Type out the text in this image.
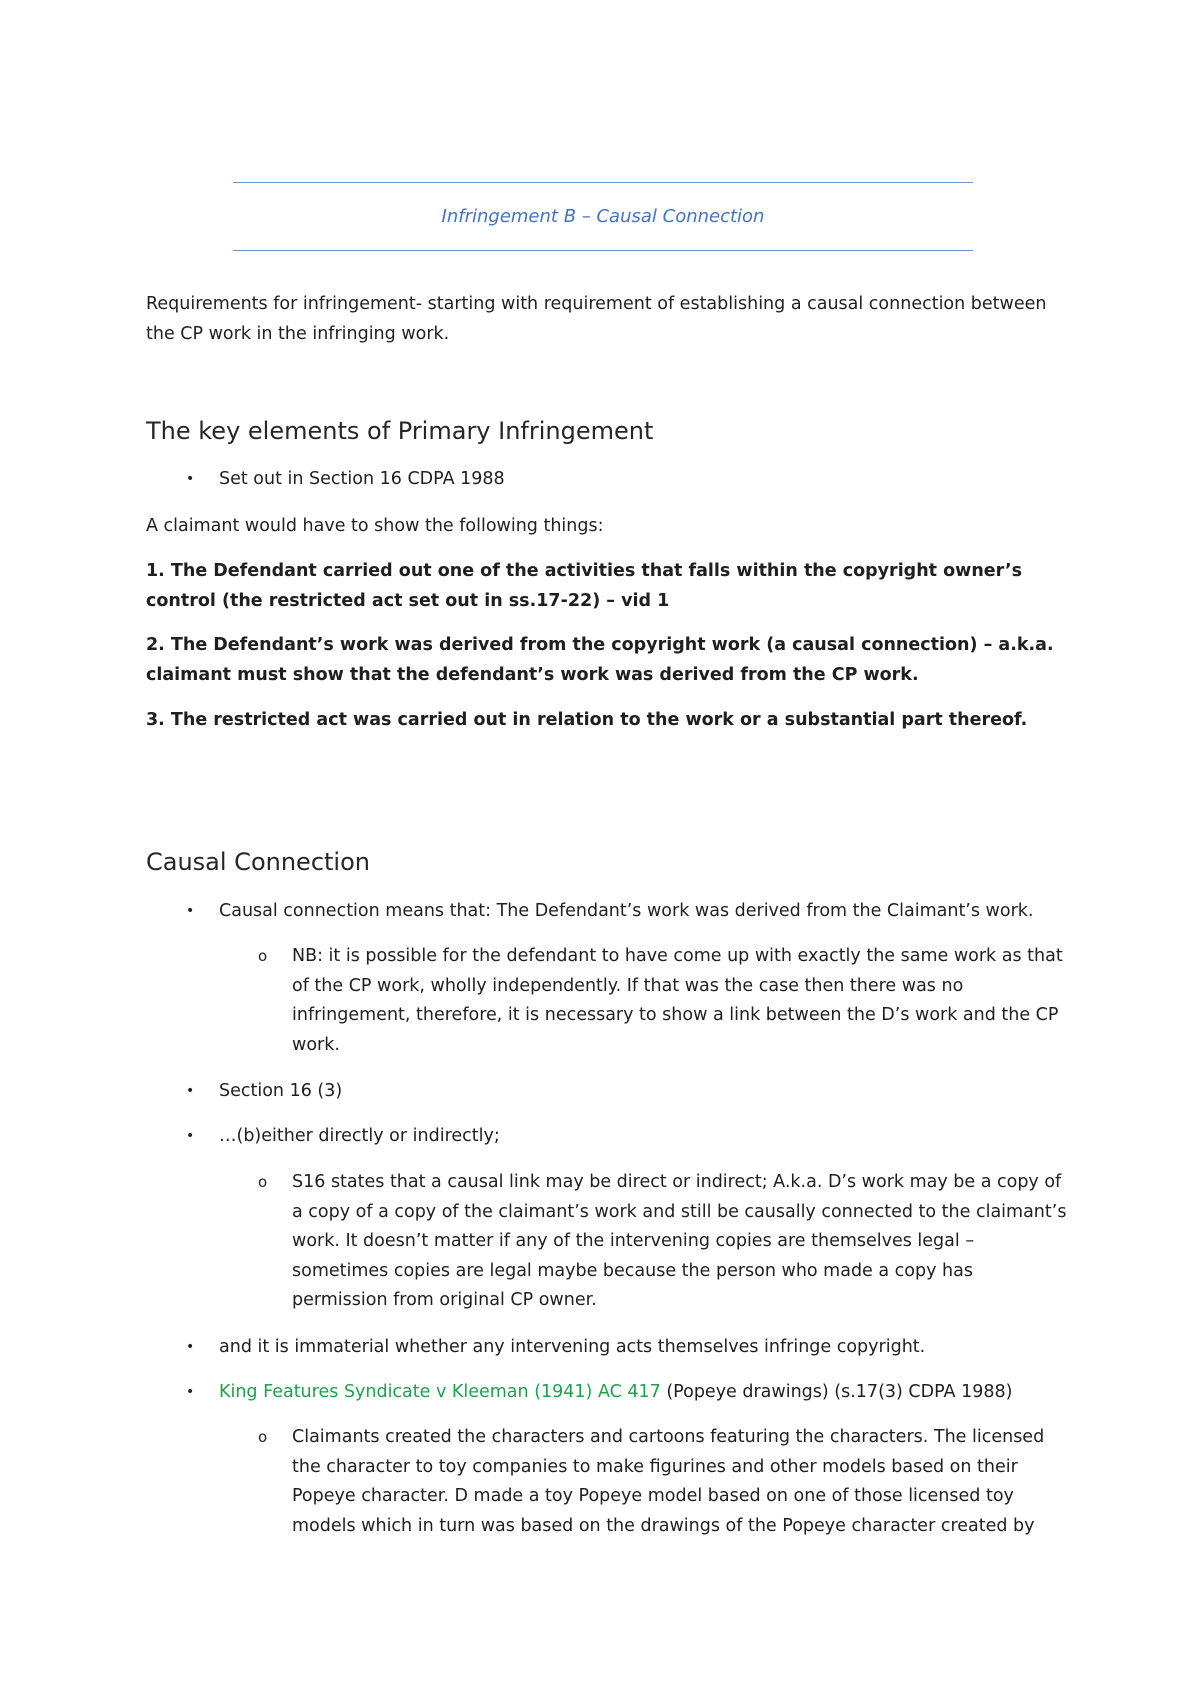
Infringement B – Causal Connection

Requirements for infringement- starting with requirement of establishing a causal connection between the CP work in the infringing work.

The key elements of Primary Infringement
• Set out in Section 16 CDPA 1988

A claimant would have to show the following things:

1. The Defendant carried out one of the activities that falls within the copyright owner’s control (the restricted act set out in ss.17-22) – vid 1

2. The Defendant’s work was derived from the copyright work (a causal connection) – a.k.a. claimant must show that the defendant’s work was derived from the CP work.

3. The restricted act was carried out in relation to the work or a substantial part thereof.

Causal Connection
• Causal connection means that: The Defendant’s work was derived from the Claimant’s work.

o NB: it is possible for the defendant to have come up with exactly the same work as that of the CP work, wholly independently. If that was the case then there was no infringement, therefore, it is necessary to show a link between the D’s work and the CP work.

• Section 16 (3)

• …(b)either directly or indirectly;

o S16 states that a causal link may be direct or indirect; A.k.a. D’s work may be a copy of a copy of a copy of the claimant’s work and still be causally connected to the claimant’s work. It doesn’t matter if any of the intervening copies are themselves legal – sometimes copies are legal maybe because the person who made a copy has permission from original CP owner.

• and it is immaterial whether any intervening acts themselves infringe copyright.

• King Features Syndicate v Kleeman (1941) AC 417 (Popeye drawings) (s.17(3) CDPA 1988)

o Claimants created the characters and cartoons featuring the characters. The licensed the character to toy companies to make figurines and other models based on their Popeye character. D made a toy Popeye model based on one of those licensed toy models which in turn was based on the drawings of the Popeye character created by
